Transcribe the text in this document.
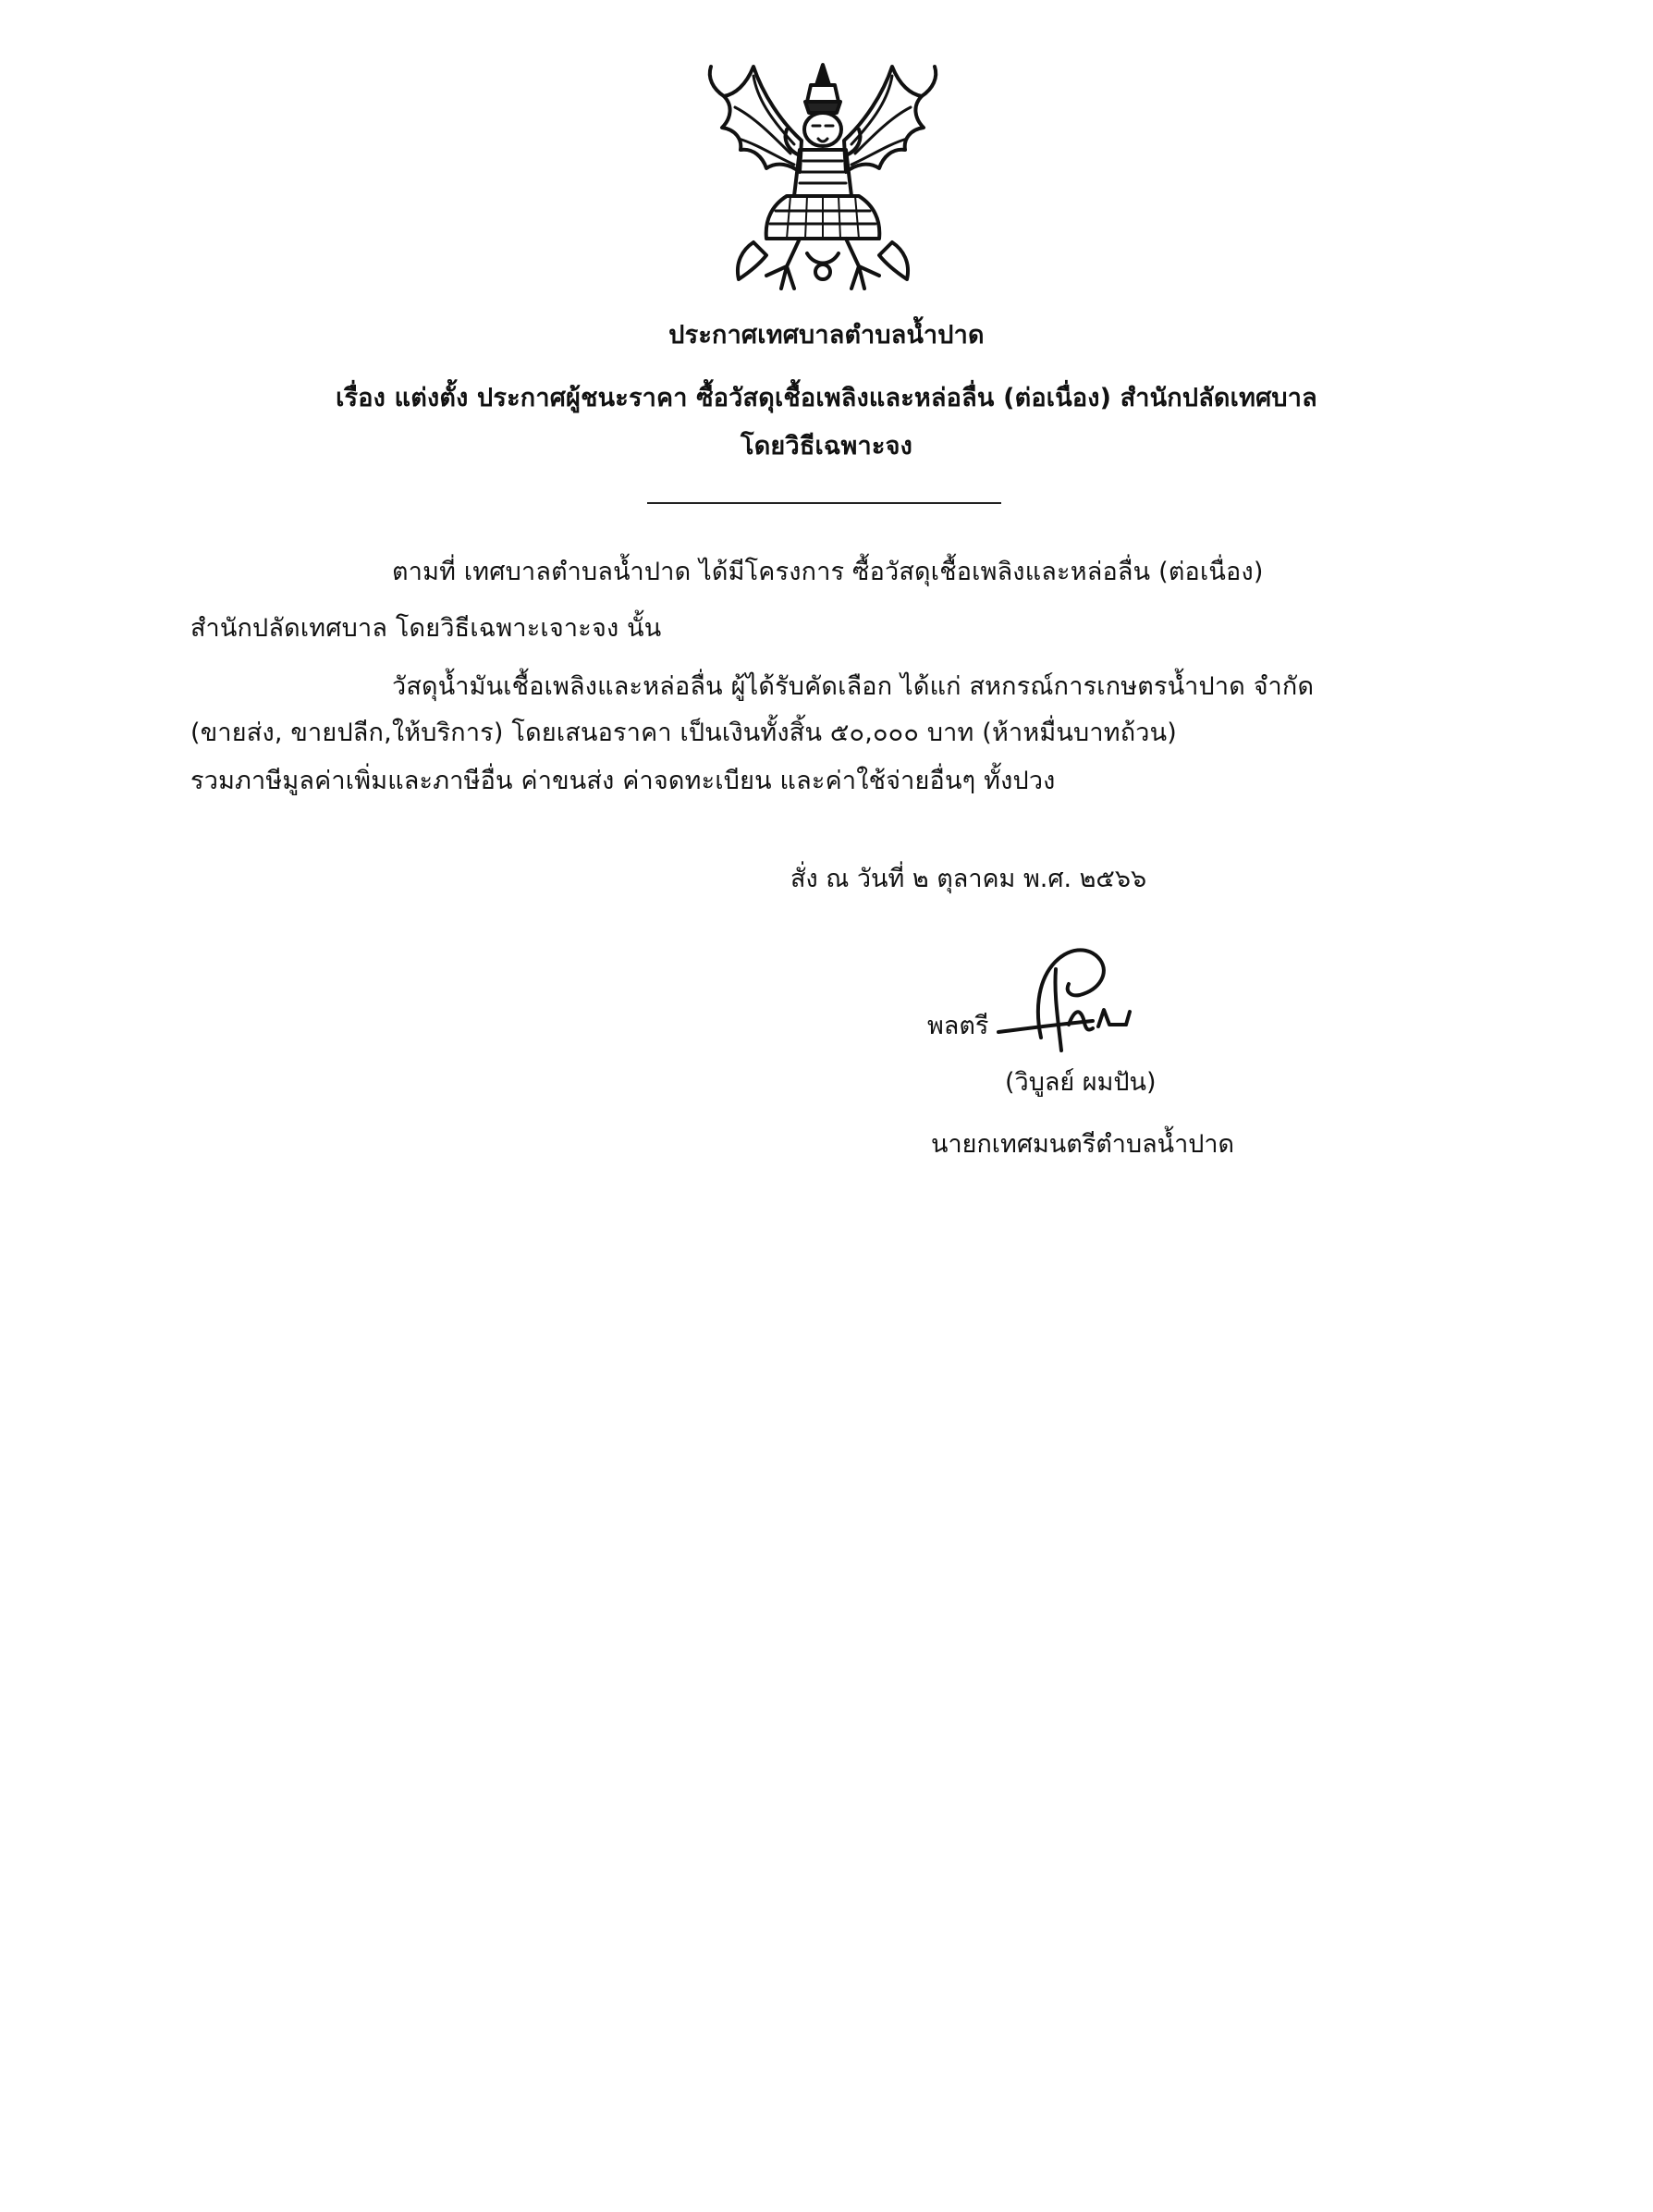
ประกาศเทศบาลตำบลน้ำปาด
เรื่อง แต่งตั้ง ประกาศผู้ชนะราคา ซื้อวัสดุเชื้อเพลิงและหล่อลื่น (ต่อเนื่อง) สำนักปลัดเทศบาล
โดยวิธีเฉพาะจง
ตามที่ เทศบาลตำบลน้ำปาด ได้มีโครงการ ซื้อวัสดุเชื้อเพลิงและหล่อลื่น (ต่อเนื่อง)
สำนักปลัดเทศบาล โดยวิธีเฉพาะเจาะจง นั้น
วัสดุน้ำมันเชื้อเพลิงและหล่อลื่น ผู้ได้รับคัดเลือก ได้แก่ สหกรณ์การเกษตรน้ำปาด จำกัด
(ขายส่ง, ขายปลีก,ให้บริการ) โดยเสนอราคา เป็นเงินทั้งสิ้น ๕๐,๐๐๐ บาท (ห้าหมื่นบาทถ้วน)
รวมภาษีมูลค่าเพิ่มและภาษีอื่น ค่าขนส่ง ค่าจดทะเบียน และค่าใช้จ่ายอื่นๆ ทั้งปวง
สั่ง ณ วันที่ ๒ ตุลาคม พ.ศ. ๒๕๖๖
พลตรี
(วิบูลย์ ผมปัน)
นายกเทศมนตรีตำบลน้ำปาด
